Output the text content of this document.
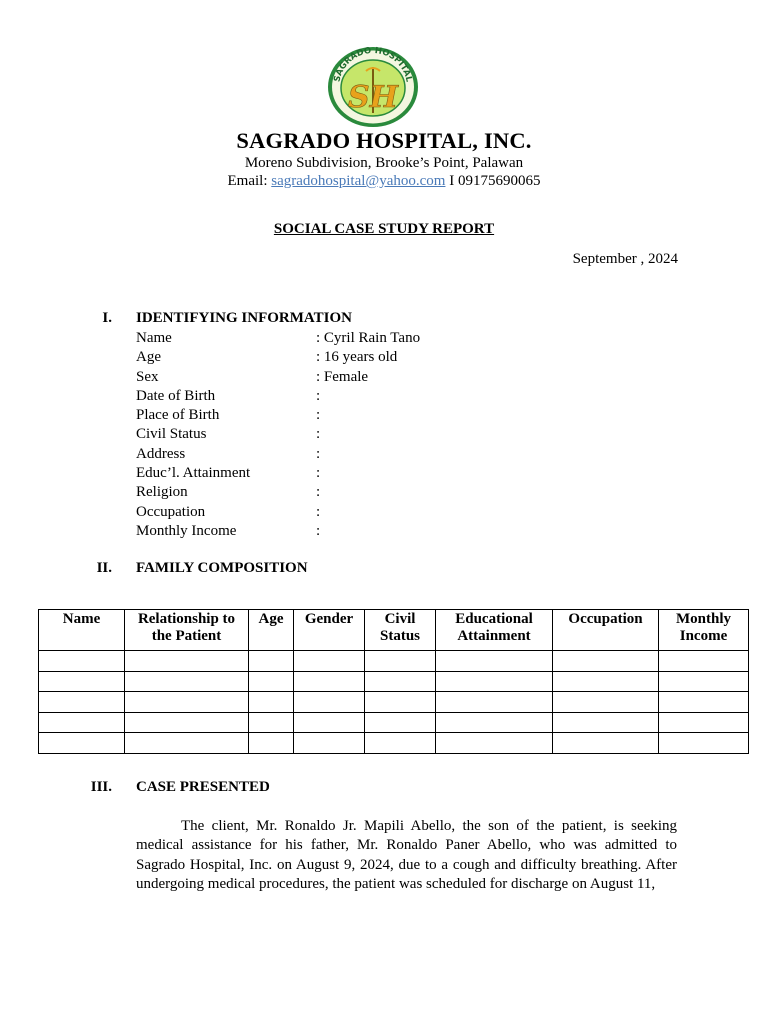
SAGRADO HOSPITAL
SH
SAGRADO HOSPITAL, INC.
Moreno Subdivision, Brooke’s Point, Palawan
Email: sagradohospital@yahoo.com I 09175690065
SOCIAL CASE STUDY REPORT
September , 2024
I. IDENTIFYING INFORMATION
Name	: Cyril Rain Tano
Age	: 16 years old
Sex	: Female
Date of Birth	:
Place of Birth	:
Civil Status	:
Address	:
Educ’l. Attainment	:
Religion	:
Occupation	:
Monthly Income	:
II. FAMILY COMPOSITION
Name	Relationship to the Patient	Age	Gender	Civil Status	Educational Attainment	Occupation	Monthly Income

III. CASE PRESENTED
The client, Mr. Ronaldo Jr. Mapili Abello, the son of the patient, is seeking medical assistance for his father, Mr. Ronaldo Paner Abello, who was admitted to Sagrado Hospital, Inc. on August 9, 2024, due to a cough and difficulty breathing. After undergoing medical procedures, the patient was scheduled for discharge on August 11,
